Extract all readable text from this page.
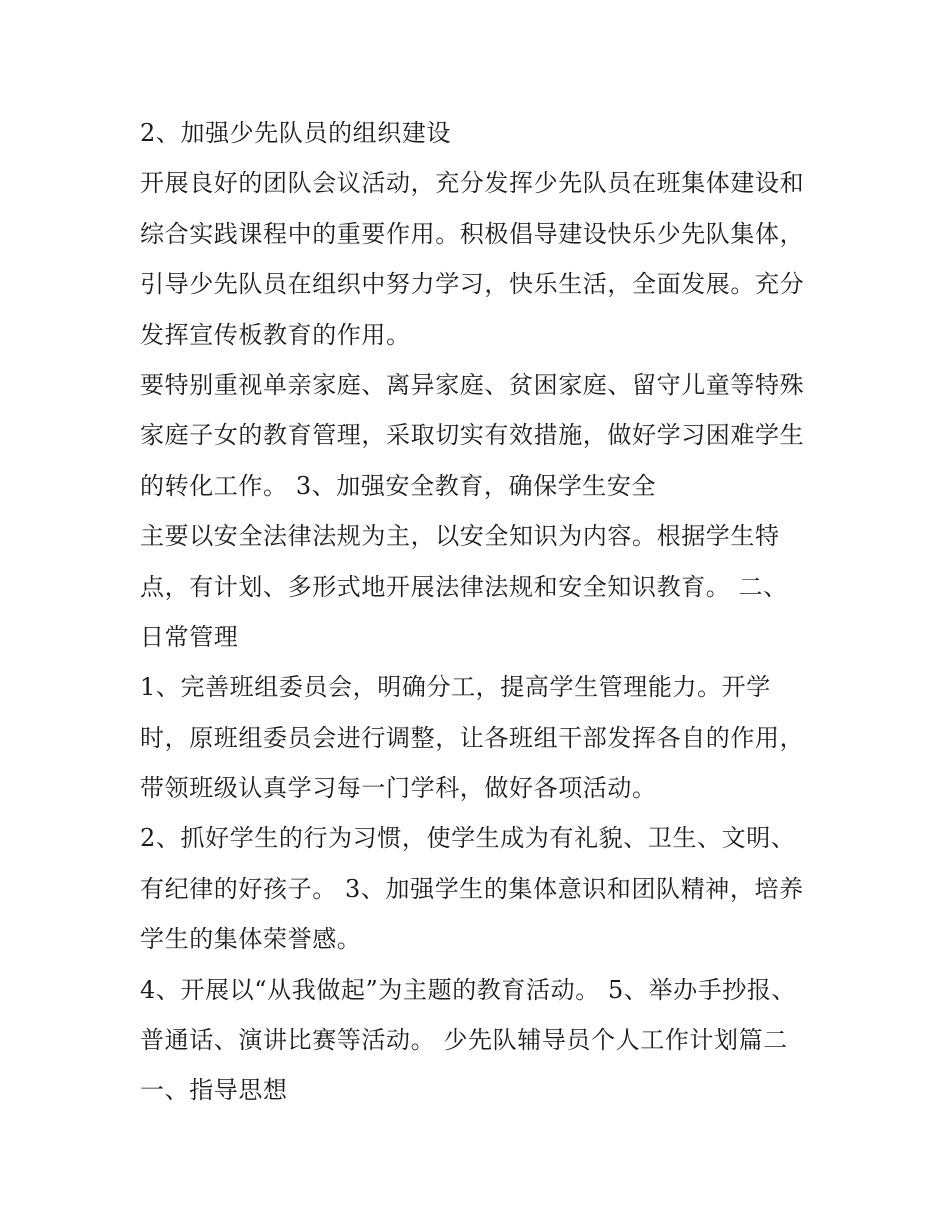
2、加强少先队员的组织建设
开展良好的团队会议活动，充分发挥少先队员在班集体建设和
综合实践课程中的重要作用。积极倡导建设快乐少先队集体，
引导少先队员在组织中努力学习，快乐生活，全面发展。充分
发挥宣传板教育的作用。
要特别重视单亲家庭、离异家庭、贫困家庭、留守儿童等特殊
家庭子女的教育管理，采取切实有效措施，做好学习困难学生
的转化工作。 3、加强安全教育，确保学生安全
主要以安全法律法规为主，以安全知识为内容。根据学生特
点，有计划、多形式地开展法律法规和安全知识教育。 二、
日常管理
1、完善班组委员会，明确分工，提高学生管理能力。开学
时，原班组委员会进行调整，让各班组干部发挥各自的作用，
带领班级认真学习每一门学科，做好各项活动。
2、抓好学生的行为习惯，使学生成为有礼貌、卫生、文明、
有纪律的好孩子。 3、加强学生的集体意识和团队精神，培养
学生的集体荣誉感。
4、开展以“从我做起”为主题的教育活动。 5、举办手抄报、
普通话、演讲比赛等活动。 少先队辅导员个人工作计划篇二
一、指导思想
